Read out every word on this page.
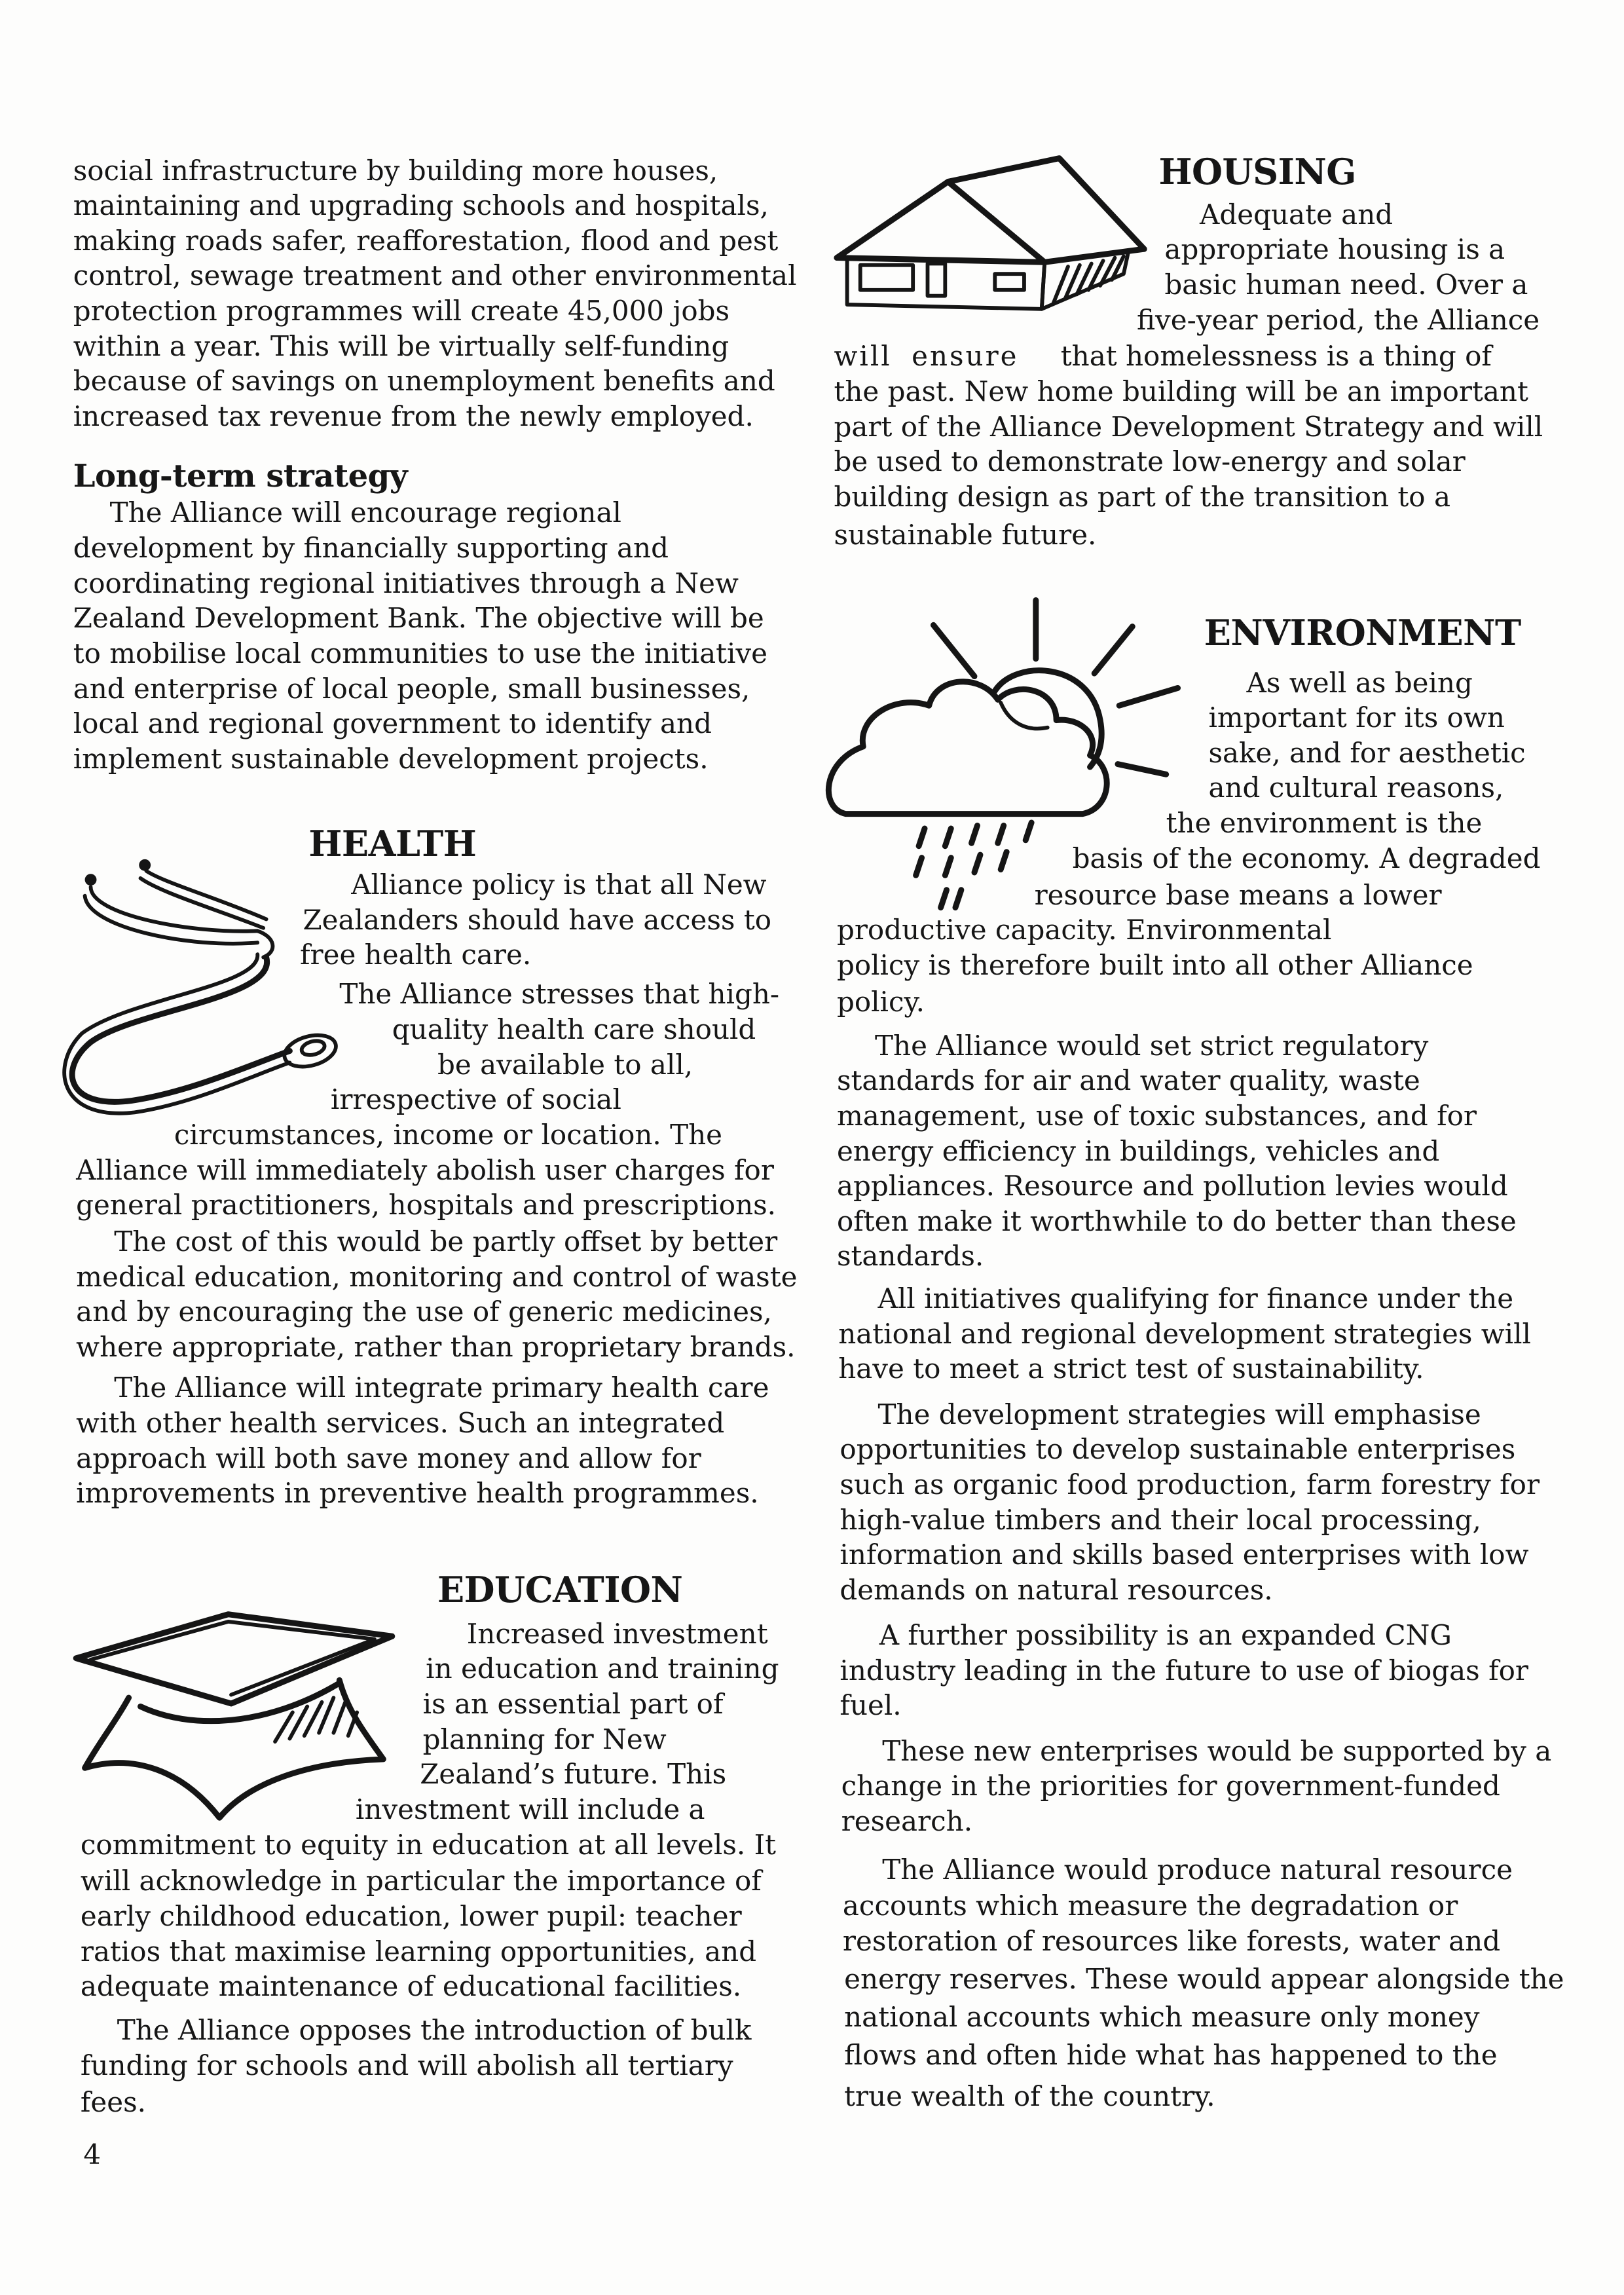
social infrastructure by building more houses,
maintaining and upgrading schools and hospitals,
making roads safer, reafforestation, flood and pest
control, sewage treatment and other environmental
protection programmes will create 45,000 jobs
within a year. This will be virtually self-funding
because of savings on unemployment benefits and
increased tax revenue from the newly employed.
Long-term strategy
The Alliance will encourage regional
development by financially supporting and
coordinating regional initiatives through a New
Zealand Development Bank. The objective will be
to mobilise local communities to use the initiative
and enterprise of local people, small businesses,
local and regional government to identify and
implement sustainable development projects.
HEALTH
Alliance policy is that all New
Zealanders should have access to
free health care.
The Alliance stresses that high-
quality health care should
be available to all,
irrespective of social
circumstances, income or location. The
Alliance will immediately abolish user charges for
general practitioners, hospitals and prescriptions.
The cost of this would be partly offset by better
medical education, monitoring and control of waste
and by encouraging the use of generic medicines,
where appropriate, rather than proprietary brands.
The Alliance will integrate primary health care
with other health services. Such an integrated
approach will both save money and allow for
improvements in preventive health programmes.
EDUCATION
Increased investment
in education and training
is an essential part of
planning for New
Zealand’s future. This
investment will include a
commitment to equity in education at all levels. It
will acknowledge in particular the importance of
early childhood education, lower pupil: teacher
ratios that maximise learning opportunities, and
adequate maintenance of educational facilities.
The Alliance opposes the introduction of bulk
funding for schools and will abolish all tertiary
fees.
4
HOUSING
Adequate and
appropriate housing is a
basic human need. Over a
five-year period, the Alliance
will ensure that homelessness is a thing of
the past. New home building will be an important
part of the Alliance Development Strategy and will
be used to demonstrate low-energy and solar
building design as part of the transition to a
sustainable future.
ENVIRONMENT
As well as being
important for its own
sake, and for aesthetic
and cultural reasons,
the environment is the
basis of the economy. A degraded
resource base means a lower
productive capacity. Environmental
policy is therefore built into all other Alliance
policy.
The Alliance would set strict regulatory
standards for air and water quality, waste
management, use of toxic substances, and for
energy efficiency in buildings, vehicles and
appliances. Resource and pollution levies would
often make it worthwhile to do better than these
standards.
All initiatives qualifying for finance under the
national and regional development strategies will
have to meet a strict test of sustainability.
The development strategies will emphasise
opportunities to develop sustainable enterprises
such as organic food production, farm forestry for
high-value timbers and their local processing,
information and skills based enterprises with low
demands on natural resources.
A further possibility is an expanded CNG
industry leading in the future to use of biogas for
fuel.
These new enterprises would be supported by a
change in the priorities for government-funded
research.
The Alliance would produce natural resource
accounts which measure the degradation or
restoration of resources like forests, water and
energy reserves. These would appear alongside the
national accounts which measure only money
flows and often hide what has happened to the
true wealth of the country.
